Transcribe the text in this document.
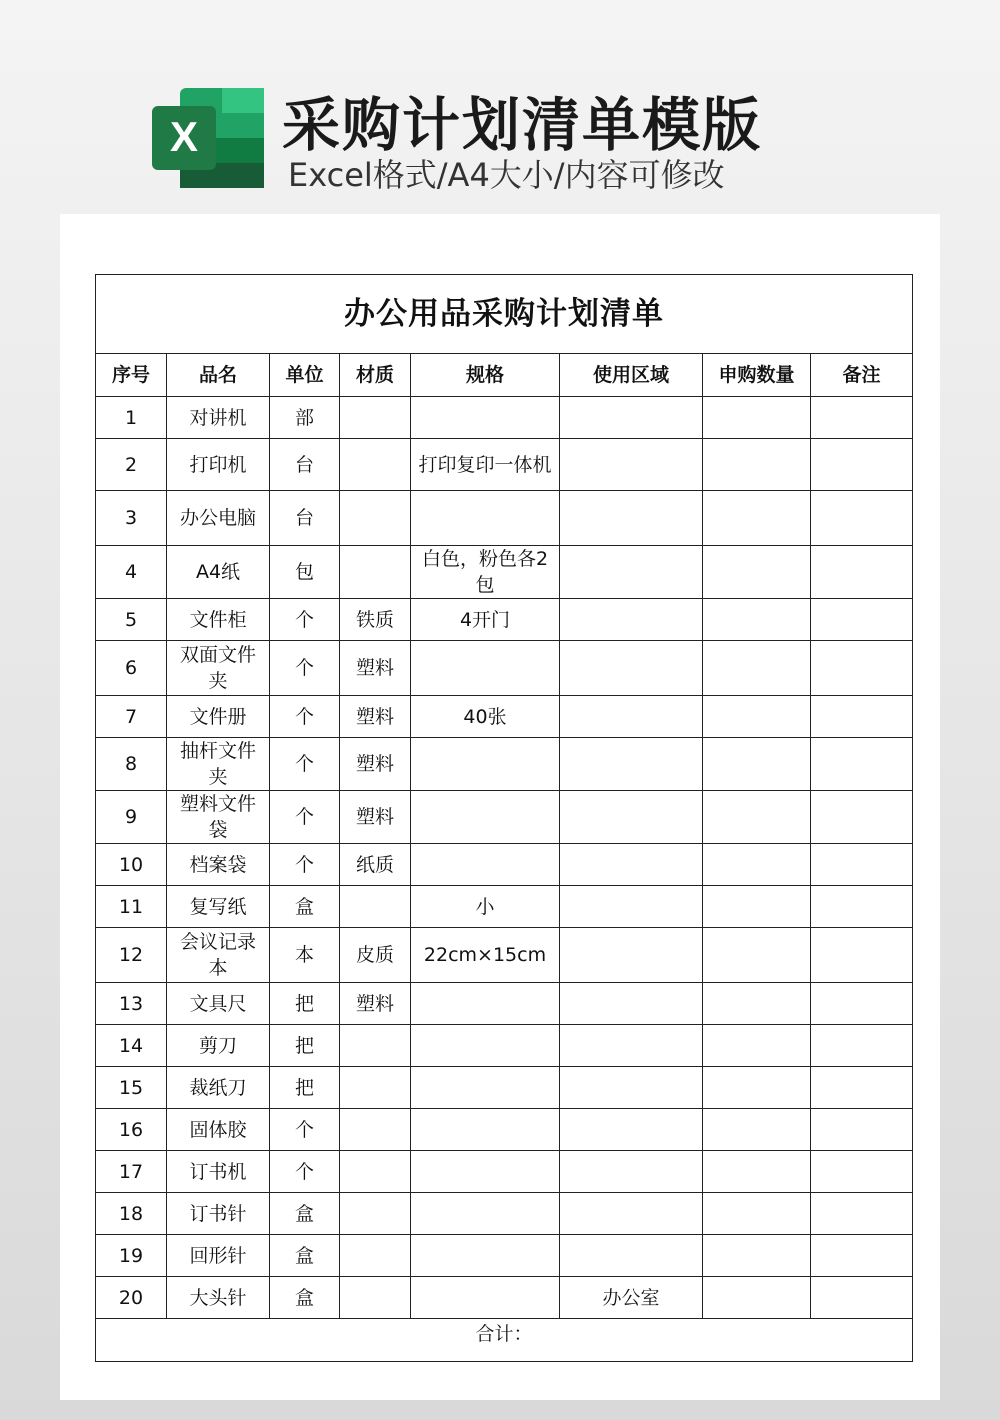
X 采购计划清单模版
Excel格式/A4大小/内容可修改
办公用品采购计划清单							
序号	品名	单位	材质	规格	使用区域	申购数量	备注
1	对讲机	部					
2	打印机	台		打印复印一体机			
3	办公电脑	台					
4	A4纸	包		白色，粉色各2包			
5	文件柜	个	铁质	4开门			
6	双面文件夹	个	塑料				
7	文件册	个	塑料	40张			
8	抽杆文件夹	个	塑料				
9	塑料文件袋	个	塑料				
10	档案袋	个	纸质				
11	复写纸	盒		小			
12	会议记录本	本	皮质	22cm×15cm			
13	文具尺	把	塑料				
14	剪刀	把					
15	裁纸刀	把					
16	固体胶	个					
17	订书机	个					
18	订书针	盒					
19	回形针	盒					
20	大头针	盒			办公室		
合计：							
